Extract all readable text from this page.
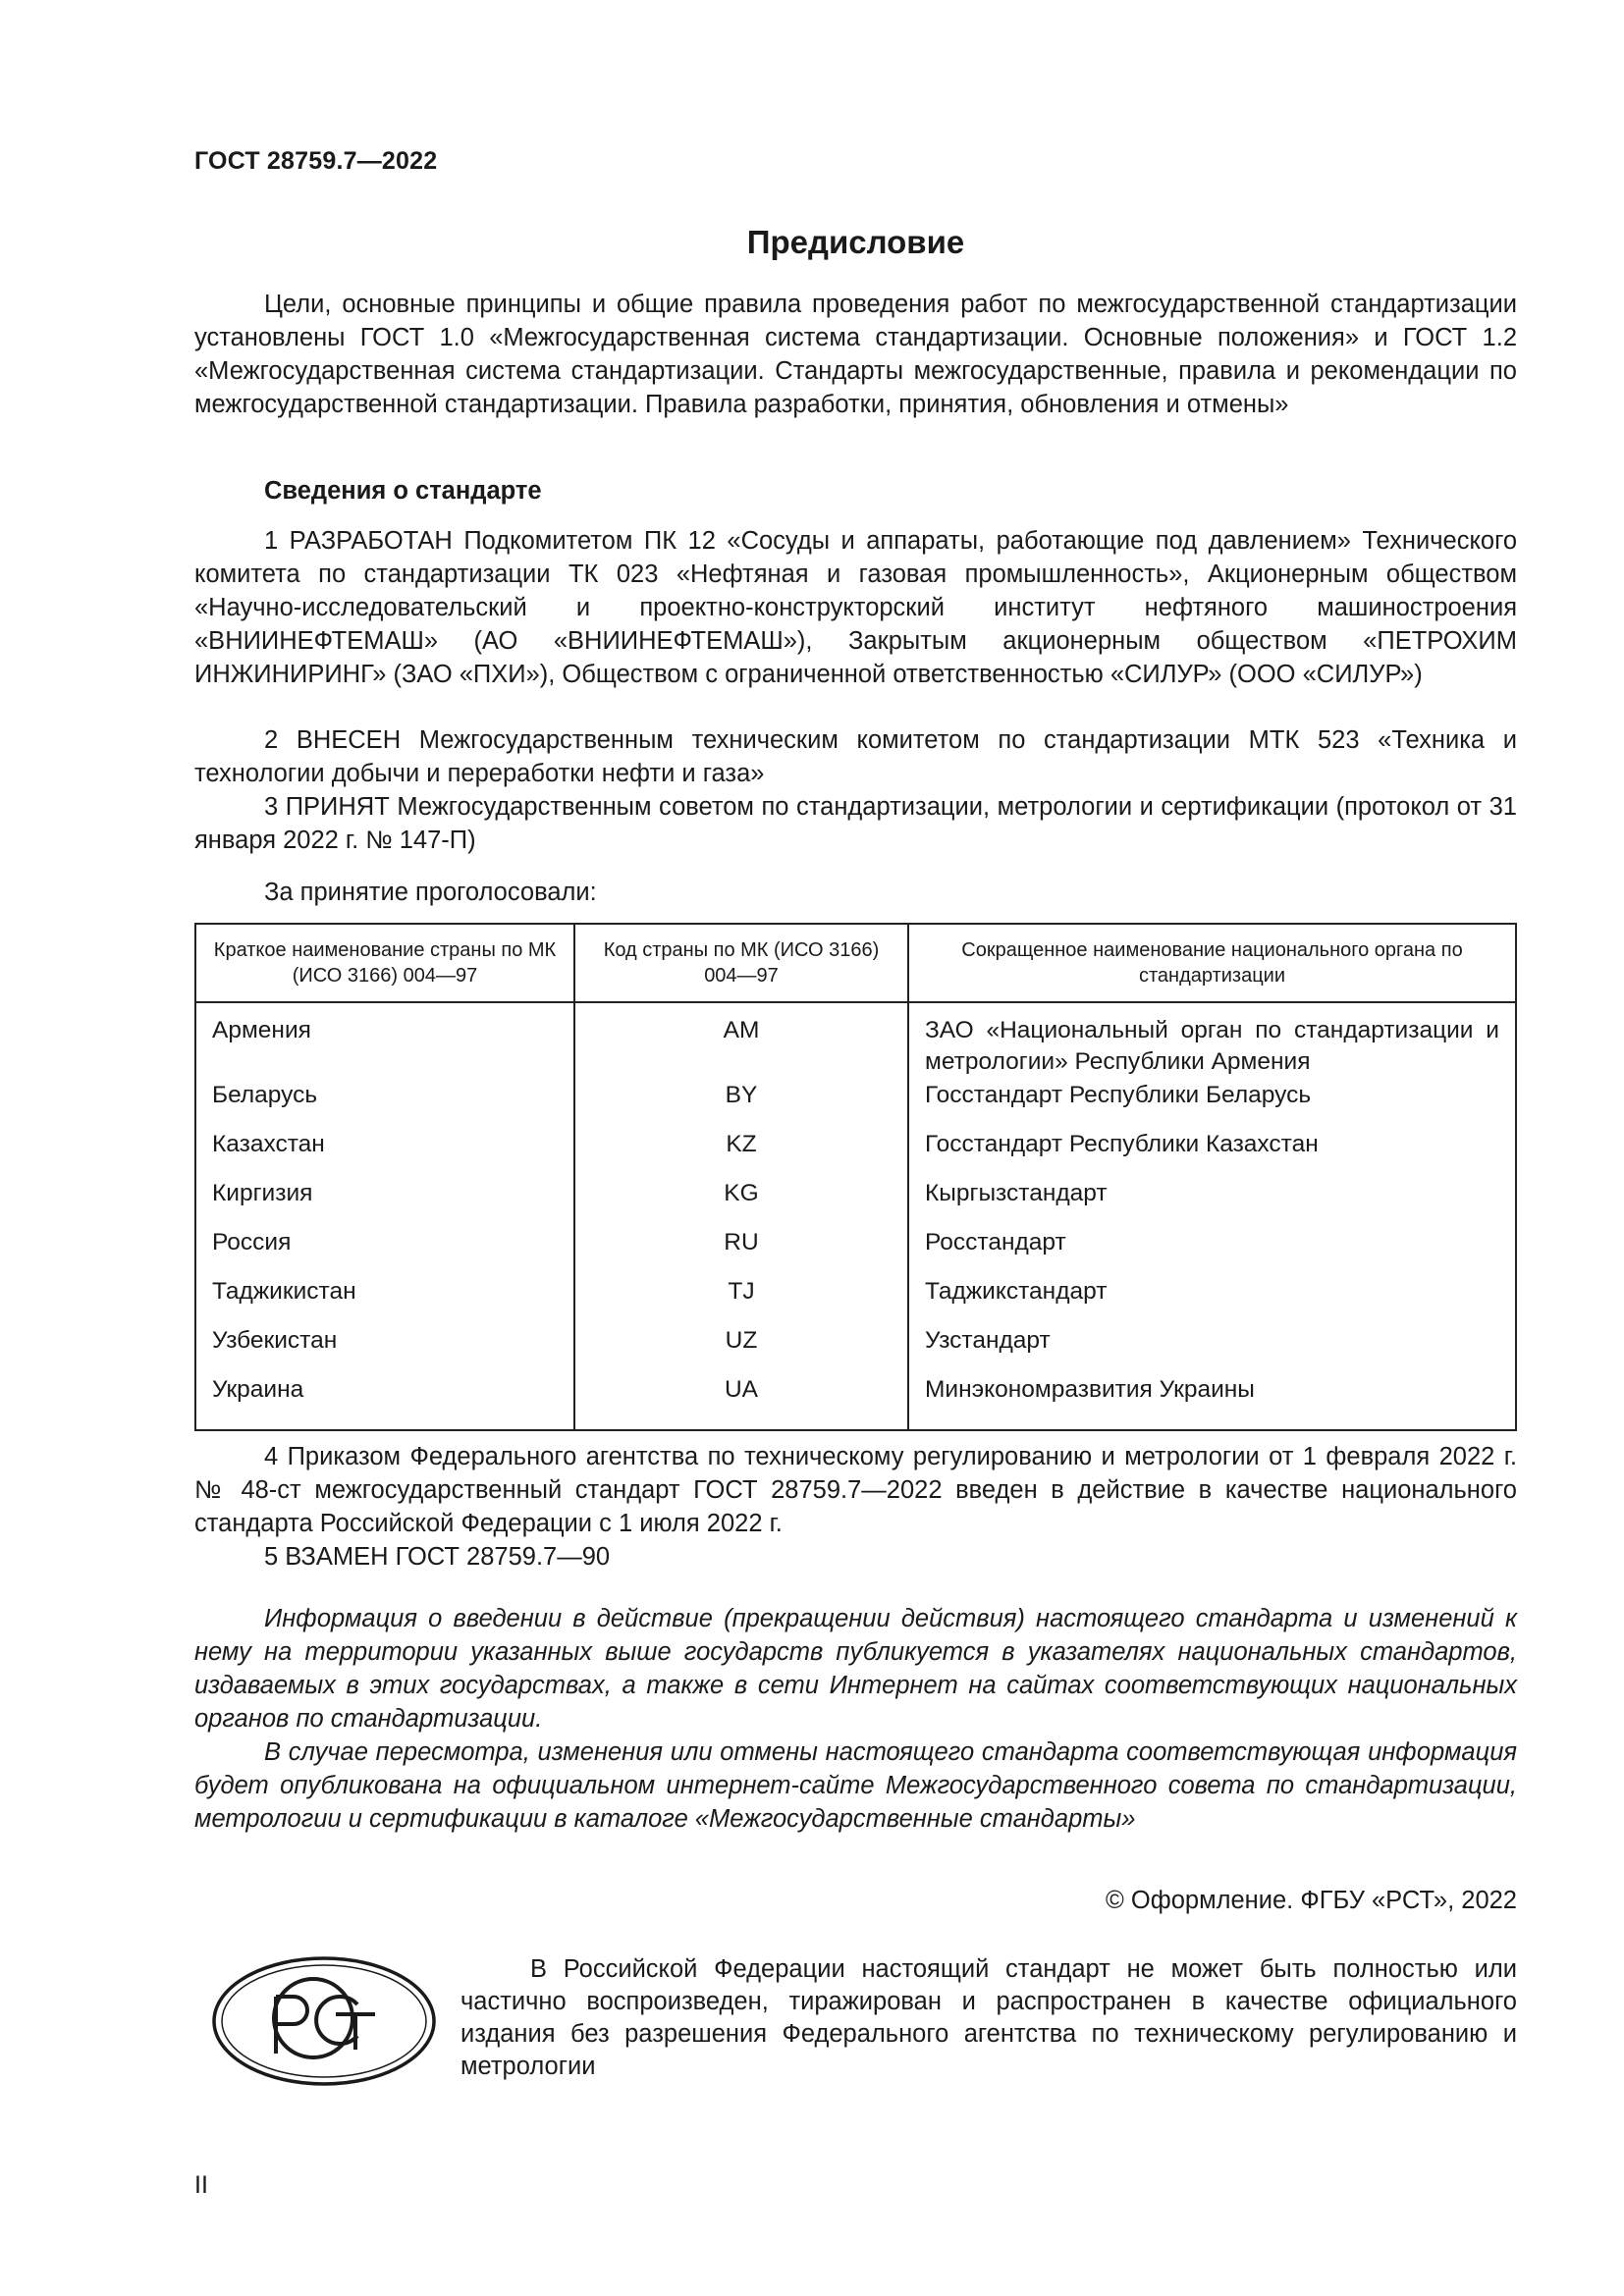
ГОСТ 28759.7—2022
Предисловие
Цели, основные принципы и общие правила проведения работ по межгосударственной стандартизации установлены ГОСТ 1.0 «Межгосударственная система стандартизации. Основные положения» и ГОСТ 1.2 «Межгосударственная система стандартизации. Стандарты межгосударственные, правила и рекомендации по межгосударственной стандартизации. Правила разработки, принятия, обновления и отмены»
Сведения о стандарте
1 РАЗРАБОТАН Подкомитетом ПК 12 «Сосуды и аппараты, работающие под давлением» Технического комитета по стандартизации ТК 023 «Нефтяная и газовая промышленность», Акционерным обществом «Научно-исследовательский и проектно-конструкторский институт нефтяного машиностроения «ВНИИНЕФТЕМАШ» (АО «ВНИИНЕФТЕМАШ»), Закрытым акционерным обществом «ПЕТРОХИМ ИНЖИНИРИНГ» (ЗАО «ПХИ»), Обществом с ограниченной ответственностью «СИЛУР» (ООО «СИЛУР»)
2 ВНЕСЕН Межгосударственным техническим комитетом по стандартизации МТК 523 «Техника и технологии добычи и переработки нефти и газа»
3 ПРИНЯТ Межгосударственным советом по стандартизации, метрологии и сертификации (протокол от 31 января 2022 г. № 147-П)
За принятие проголосовали:
Краткое наименование страны по МК (ИСО 3166) 004—97	Код страны по МК (ИСО 3166) 004—97	Сокращенное наименование национального органа по стандартизации
Армения	AM	ЗАО «Национальный орган по стандартизации и метрологии» Республики Армения
Беларусь	BY	Госстандарт Республики Беларусь
Казахстан	KZ	Госстандарт Республики Казахстан
Киргизия	KG	Кыргызстандарт
Россия	RU	Росстандарт
Таджикистан	TJ	Таджикстандарт
Узбекистан	UZ	Узстандарт
Украина	UA	Минэкономразвития Украины
4 Приказом Федерального агентства по техническому регулированию и метрологии от 1 февраля 2022 г. № 48-ст межгосударственный стандарт ГОСТ 28759.7—2022 введен в действие в качестве национального стандарта Российской Федерации с 1 июля 2022 г.
5 ВЗАМЕН ГОСТ 28759.7—90
Информация о введении в действие (прекращении действия) настоящего стандарта и изменений к нему на территории указанных выше государств публикуется в указателях национальных стандартов, издаваемых в этих государствах, а также в сети Интернет на сайтах соответствующих национальных органов по стандартизации.
В случае пересмотра, изменения или отмены настоящего стандарта соответствующая информация будет опубликована на официальном интернет-сайте Межгосударственного совета по стандартизации, метрологии и сертификации в каталоге «Межгосударственные стандарты»
© Оформление. ФГБУ «РСТ», 2022
В Российской Федерации настоящий стандарт не может быть полностью или частично воспроизведен, тиражирован и распространен в качестве официального издания без разрешения Федерального агентства по техническому регулированию и метрологии
II
